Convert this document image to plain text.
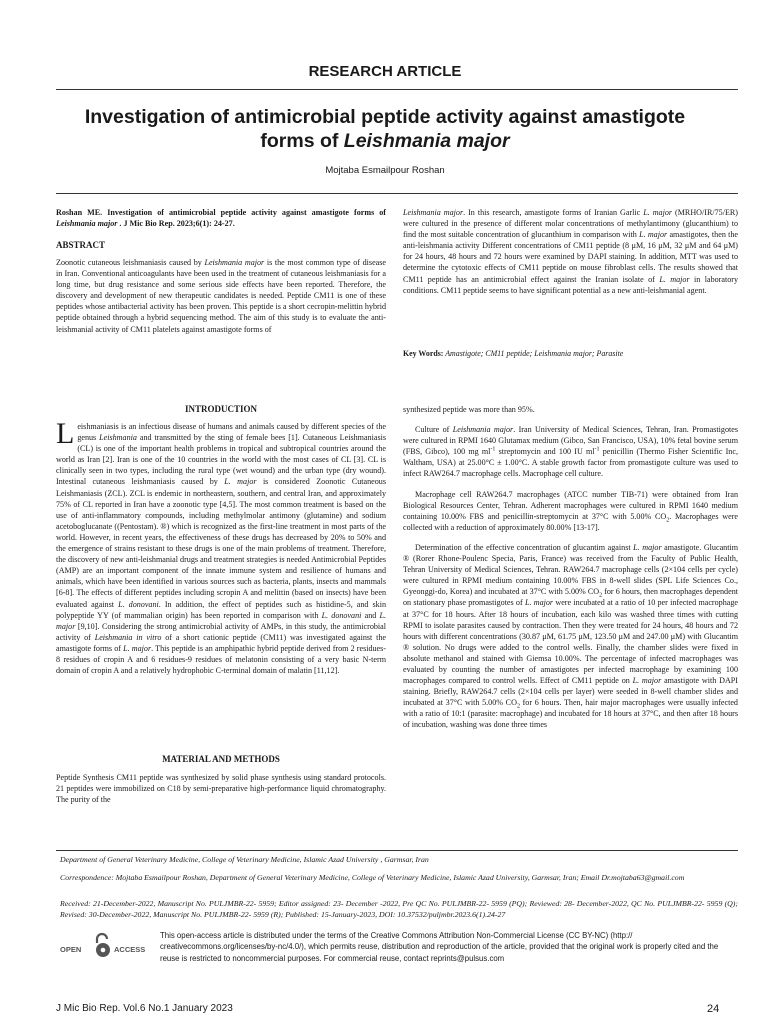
RESEARCH ARTICLE
Investigation of antimicrobial peptide activity against amastigote
forms of Leishmania major
Mojtaba Esmailpour Roshan

Roshan ME. Investigation of antimicrobial peptide activity against amastigote forms of Leishmania major . J Mic Bio Rep. 2023;6(1): 24-27.

ABSTRACT

Zoonotic cutaneous leishmaniasis caused by Leishmania major is the most common type of disease in Iran. Conventional anticoagulants have been used in the treatment of cutaneous leishmaniasis for a long time, but drug resistance and some serious side effects have been reported. Therefore, the discovery and development of new therapeutic candidates is needed. Peptide CM11 is one of these peptides whose antibacterial activity has been proven. This peptide is a short cecropin-melittin hybrid peptide obtained through a hybrid sequencing method. The aim of this study is to evaluate the anti-leishmanial activity of CM11 platelets against amastigote forms of

Leishmania major. In this research, amastigote forms of Iranian Garlic L. major (MRHO/IR/75/ER) were cultured in the presence of different molar concentrations of methylantimony (glucanthium) to find the most suitable concentration of glucanthium in comparison with L. major amastigotes, then the anti-leishmania activity Different concentrations of CM11 peptide (8 μM, 16 μM, 32 μM and 64 μM) for 24 hours, 48 hours and 72 hours were examined by DAPI staining. In addition, MTT was used to determine the cytotoxic effects of CM11 peptide on mouse fibroblast cells. The results showed that CM11 peptide has an antimicrobial effect against the Iranian isolate of L. major in laboratory conditions. CM11 peptide seems to have significant potential as a new anti-leishmanial agent.

Key Words: Amastigote; CM11 peptide; Leishmania major; Parasite
INTRODUCTION

Leishmaniasis is an infectious disease of humans and animals caused by different species of the genus Leishmania and transmitted by the sting of female bees [1]. Cutaneous Leishmaniasis (CL) is one of the important health problems in tropical and subtropical countries around the world as Iran [2]. Iran is one of the 10 countries in the world with the most cases of CL [3]. CL is clinically seen in two types, including the rural type (wet wound) and the urban type (dry wound). Intestinal cutaneous leishmaniasis caused by L. major is considered Zoonotic Cutaneous Leishmaniasis (ZCL). ZCL is endemic in northeastern, southern, and central Iran, and approximately 75% of CL reported in Iran have a zoonotic type [4,5]. The most common treatment is based on the use of anti-inflammatory compounds, including methylmolar antimony (glutamine) and sodium acetoboglucanate ((Pentostam). ®) which is recognized as the first-line treatment in most parts of the world. However, in recent years, the effectiveness of these drugs has decreased by 20% to 50% and the emergence of strains resistant to these drugs is one of the main problems of treatment. Therefore, the discovery of new anti-leishmanial drugs and treatment strategies is needed Antimicrobial Peptides (AMP) are an important component of the innate immune system and resilience of humans and animals, which have been identified in various sources such as bacteria, plants, insects and mammals [6-8]. The effects of different peptides including scropin A and melittin (based on insects) have been evaluated against L. donovani. In addition, the effect of peptides such as histidine-5, and skin polypeptide YY (of mammalian origin) has been reported in comparison with L. donovani and L. major [9,10]. Considering the strong antimicrobial activity of AMPs, in this study, the antimicrobial activity of Leishmania in vitro of a short cationic peptide (CM11) was investigated against the amastigote forms of L. major. This peptide is an amphipathic hybrid peptide derived from 2 residues-8 residues of cropin A and 6 residues-9 residues of melatonin consisting of a very basic N-term domain of cropin A and a relatively hydrophobic C-terminal domain of malatin [11,12].

MATERIAL AND METHODS

Peptide Synthesis CM11 peptide was synthesized by solid phase synthesis using standard protocols. 21 peptides were immobilized on C18 by semi-preparative high-performance liquid chromatography. The purity of the

synthesized peptide was more than 95%.

Culture of Leishmania major. Iran University of Medical Sciences, Tehran, Iran. Promastigotes were cultured in RPMI 1640 Glutamax medium (Gibco, San Francisco, USA), 10% fetal bovine serum (FBS, Gibco), 100 mg $ml^{-1}$ streptomycin and 100 IU $ml^{-1}$ penicillin (Thermo Fisher Scientific Inc, Waltham, USA) at 25.00°C ± 1.00°C. A stable growth factor from promastigote culture was used to infect RAW264.7 macrophage cells. Macrophage cell culture.

Macrophage cell RAW264.7 macrophages (ATCC number TIB-71) were obtained from Iran Biological Resources Center, Tehran. Adherent macrophages were cultured in RPMI 1640 medium containing 10.00% FBS and penicillin-streptomycin at 37°C with 5.00% $CO_2$. Macrophages were collected with a reduction of approximately 80.00% [13-17].

Determination of the effective concentration of glucantim against L. major amastigote. Glucantim ® (Rorer Rhone-Poulenc Specia, Paris, France) was received from the Faculty of Public Health, Tehran University of Medical Sciences, Tehran. RAW264.7 macrophage cells (2×104 cells per cycle) were cultured in RPMI medium containing 10.00% FBS in 8-well slides (SPL Life Sciences Co., Gyeonggi-do, Korea) and incubated at 37°C with 5.00% $CO_2$ for 6 hours, then macrophages dependent on stationary phase promastigotes of L. major were incubated at a ratio of 10 per infected macrophage at 37°C for 18 hours. After 18 hours of incubation, each kilo was washed three times with cutting RPMI to isolate parasites caused by contraction. Then they were treated for 24 hours, 48 hours and 72 hours with different concentrations (30.87 μM, 61.75 μM, 123.50 μM and 247.00 μM) with Glucantim ® solution. No drugs were added to the control wells. Finally, the chamber slides were fixed in absolute methanol and stained with Giemsa 10.00%. The percentage of infected macrophages was evaluated by counting the number of amastigotes per infected macrophage by examining 100 macrophages compared to control wells. Effect of CM11 peptide on L. major amastigote with DAPI staining. Briefly, RAW264.7 cells (2×104 cells per layer) were seeded in 8-well chamber slides and incubated at 37°C with 5.00% $CO_2$ for 6 hours. Then, hair major macrophages were usually infected with a ratio of 10:1 (parasite: macrophage) and incubated for 18 hours at 37°C, and then after 18 hours of incubation, washing was done three times

Department of General Veterinary Medicine, College of Veterinary Medicine, Islamic Azad University , Garmsar, Iran
Correspondence: Mojtaba Esmailpour Roshan, Department of General Veterinary Medicine, College of Veterinary Medicine, Islamic Azad University, Garmsar, Iran; Email Dr.mojtaba63@gmail.com
Received: 21-December-2022, Manuscript No. PULJMBR-22- 5959; Editor assigned: 23- December -2022, Pre QC No. PULJMBR-22- 5959 (PQ); Reviewed: 28- December-2022, QC No. PULJMBR-22- 5959 (Q); Revised: 30-December-2022, Manuscript No. PULJMBR-22- 5959 (R); Published: 15-January-2023, DOI: 10.37532/puljmbr.2023.6(1).24-27
OPEN	ACCESS
This open-access article is distributed under the terms of the Creative Commons Attribution Non-Commercial License (CC BY-NC) (http:// creativecommons.org/licenses/by-nc/4.0/), which permits reuse, distribution and reproduction of the article, provided that the original work is properly cited and the reuse is restricted to noncommercial purposes. For commercial reuse, contact reprints@pulsus.com
J Mic Bio Rep. Vol.6 No.1 January 2023	24
